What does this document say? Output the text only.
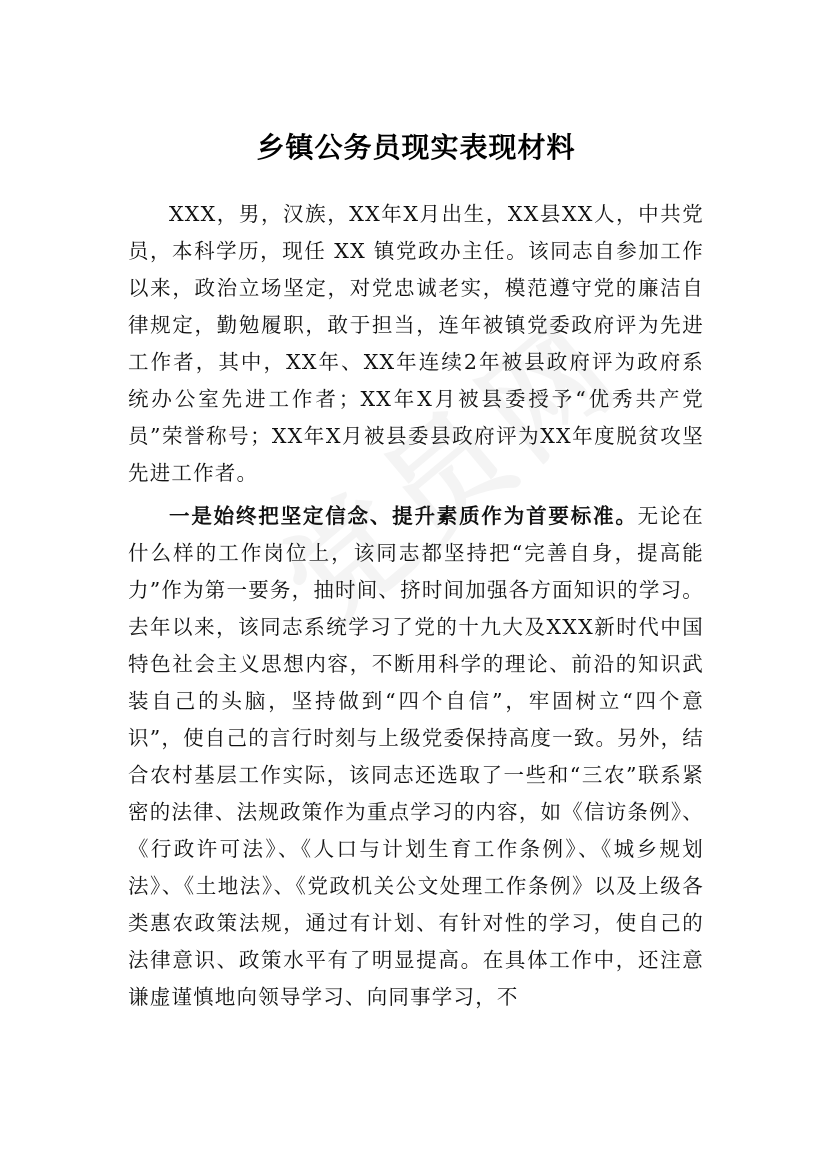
乡镇公务员现实表现材料

XXX，男，汉族，XX年X月出生，XX县XX人，中共党员，本科学历，现任 XX 镇党政办主任。该同志自参加工作以来，政治立场坚定，对党忠诚老实，模范遵守党的廉洁自律规定，勤勉履职，敢于担当，连年被镇党委政府评为先进工作者，其中，XX年、XX年连续2年被县政府评为政府系统办公室先进工作者；XX年X月被县委授予“优秀共产党员”荣誉称号；XX年X月被县委县政府评为XX年度脱贫攻坚先进工作者。

一是始终把坚定信念、提升素质作为首要标准。无论在什么样的工作岗位上，该同志都坚持把“完善自身，提高能力”作为第一要务，抽时间、挤时间加强各方面知识的学习。去年以来，该同志系统学习了党的十九大及XXX新时代中国特色社会主义思想内容，不断用科学的理论、前沿的知识武装自己的头脑，坚持做到“四个自信”，牢固树立“四个意识”，使自己的言行时刻与上级党委保持高度一致。另外，结合农村基层工作实际，该同志还选取了一些和“三农”联系紧密的法律、法规政策作为重点学习的内容，如《信访条例》、《行政许可法》、《人口与计划生育工作条例》、《城乡规划法》、《土地法》、《党政机关公文处理工作条例》以及上级各类惠农政策法规，通过有计划、有针对性的学习，使自己的法律意识、政策水平有了明显提高。在具体工作中，还注意谦虚谨慎地向领导学习、向同事学习，不
